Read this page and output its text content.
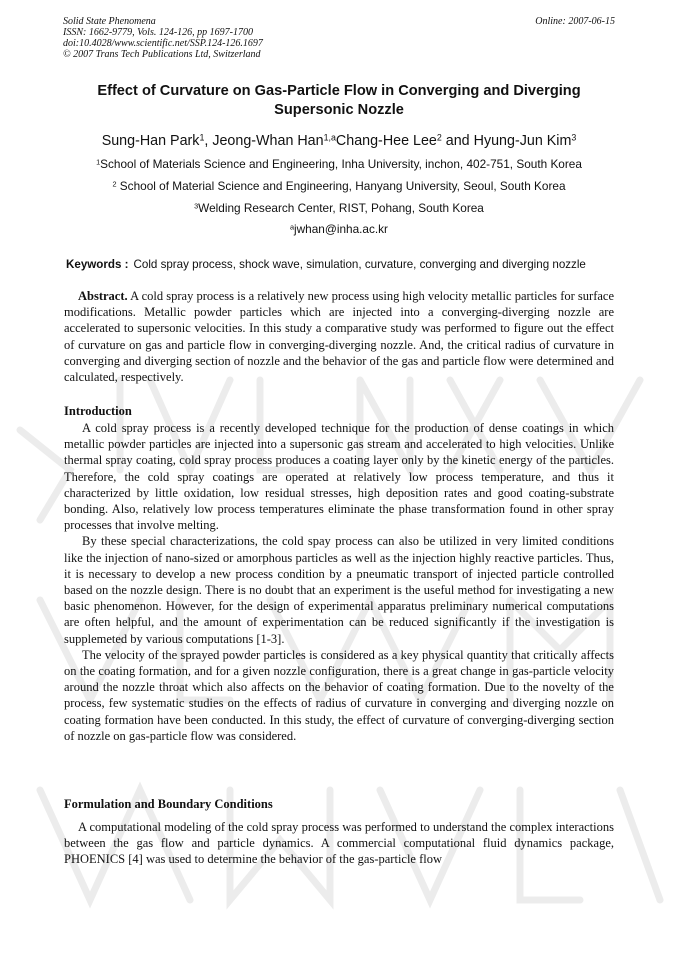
Solid State Phenomena
ISSN: 1662-9779, Vols. 124-126, pp 1697-1700
doi:10.4028/www.scientific.net/SSP.124-126.1697
© 2007 Trans Tech Publications Ltd, Switzerland
Online: 2007-06-15
Effect of Curvature on Gas-Particle Flow in Converging and Diverging Supersonic Nozzle
Sung-Han Park$^1$, Jeong-Whan Han$^{1,a}$Chang-Hee Lee$^2$ and Hyung-Jun Kim$^3$
$^1$School of Materials Science and Engineering, Inha University, inchon, 402-751, South Korea
$^2$ School of Material Science and Engineering, Hanyang University, Seoul, South Korea
$^3$Welding Research Center, RIST, Pohang, South Korea
$^a$jwhan@inha.ac.kr
Keywords : Cold spray process, shock wave, simulation, curvature, converging and diverging nozzle

Abstract. A cold spray process is a relatively new process using high velocity metallic particles for surface modifications. Metallic powder particles which are injected into a converging-diverging nozzle are accelerated to supersonic velocities. In this study a comparative study was performed to figure out the effect of curvature on gas and particle flow in converging-diverging nozzle. And, the critical radius of curvature in converging and diverging section of nozzle and the behavior of the gas and particle flow were determined and calculated, respectively.

Introduction

A cold spray process is a recently developed technique for the production of dense coatings in which metallic powder particles are injected into a supersonic gas stream and accelerated to high velocities. Unlike thermal spray coating, cold spray process produces a coating layer only by the kinetic energy of the particles. Therefore, the cold spray coatings are operated at relatively low process temperature, and thus it characterized by little oxidation, low residual stresses, high deposition rates and good coating-substrate bonding. Also, relatively low process temperatures eliminate the phase transformation found in other spray processes that involve melting.

By these special characterizations, the cold spay process can also be utilized in very limited conditions like the injection of nano-sized or amorphous particles as well as the injection highly reactive particles. Thus, it is necessary to develop a new process condition by a pneumatic transport of injected particle controlled based on the nozzle design. There is no doubt that an experiment is the useful method for investigating a new basic phenomenon. However, for the design of experimental apparatus preliminary numerical computations are often helpful, and the amount of experimentation can be reduced significantly if the investigation is supplemeted by various computations [1-3].

The velocity of the sprayed powder particles is considered as a key physical quantity that critically affects on the coating formation, and for a given nozzle configuration, there is a great change in gas-particle velocity around the nozzle throat which also affects on the behavior of coating formation. Due to the novelty of the process, few systematic studies on the effects of radius of curvature in converging and diverging nozzle on coating formation have been conducted. In this study, the effect of curvature of converging-diverging section of nozzle on gas-particle flow was considered.

Formulation and Boundary Conditions

A computational modeling of the cold spray process was performed to understand the complex interactions between the gas flow and particle dynamics. A commercial computational fluid dynamics package, PHOENICS [4] was used to determine the behavior of the gas-particle flow
